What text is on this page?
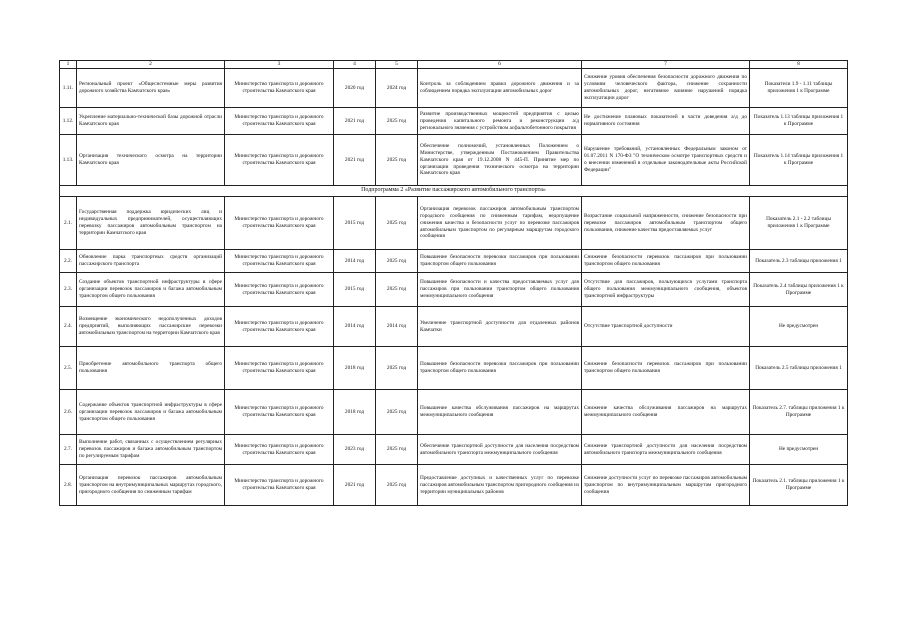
1	2	3	4	5	6	7	8
1.11.	Региональный проект «Общесистемные меры развития дорожного хозяйства Камчатского края»	Министерство транспорта и дорожного строительства Камчатского края	2020 год	2024 год	Контроль за соблюдением правил дорожного движения и за соблюдением порядка эксплуатации автомобильных дорог	Снижение уровня обеспечения безопасности дорожного движения по условиям человеческого фактора, снижение сохранности автомобильных дорог, негативное влияние нарушений порядка эксплуатации дорог	Показатели 1.9 - 1.11 таблицы приложения 1 к Программе
1.12.	Укрепление материально-технической базы дорожной отрасли Камчатского края	Министерство транспорта и дорожного строительства Камчатского края	2021 год	2025 год	Развитие производственных мощностей предприятия с целью проведения капитального ремонта и реконструкции а/д регионального значения с устройством асфальтобетонного покрытия	Не достижение плановых показателей в части доведения а/д до нормативного состояния	Показатель 1.13 таблицы приложения 1 к Программе
1.13.	Организация технического осмотра на территории Камчатского края	Министерство транспорта и дорожного строительства Камчатского края	2021 год	2025 год	Обеспечение полномочий, установленных Положением о Министерстве, утвержденным Постановлением Правительства Камчатского края от 19.12.2008 N 445-П. Принятие мер по организации проведения технического осмотра на территории Камчатского края	Нарушение требований, установленных Федеральным законом от 01.07.2011 N 170-ФЗ "О техническом осмотре транспортных средств и о внесении изменений в отдельные законодательные акты Российской Федерации"	Показатель 1.14 таблицы приложения 1 к Программе
Подпрограмма 2 «Развитие пассажирского автомобильного транспорта»							
2.1.	Государственная поддержка юридических лиц и индивидуальных предпринимателей, осуществляющих перевозку пассажиров автомобильным транспортом на территории Камчатского края	Министерство транспорта и дорожного строительства Камчатского края	2015 год	2025 год	Организация перевозок пассажиров автомобильным транспортом городского сообщения по сниженным тарифам, недопущение снижения качества и безопасности услуг по перевозке пассажиров автомобильным транспортом по регулярным маршрутам городского сообщения	Возрастание социальной напряженности, снижение безопасности при перевозке пассажиров автомобильным транспортом общего пользования, снижение качества предоставляемых услуг	Показатель 2.1 - 2.2 таблицы приложения 1 к Программе
2.2.	Обновление парка транспортных средств организаций пассажирского транспорта	Министерство транспорта и дорожного строительства Камчатского края	2014 год	2025 год	Повышение безопасности перевозки пассажиров при пользовании транспортом общего пользования	Снижение безопасности перевозок пассажиров при пользовании транспортом общего пользования	Показатель 2.3 таблицы приложения 1
2.3.	Создание объектов транспортной инфраструктуры в сфере организации перевозок пассажиров и багажа автомобильным транспортом общего пользования	Министерство транспорта и дорожного строительства Камчатского края	2015 год	2025 год	Повышение безопасности и качества предоставляемых услуг для пассажиров при пользовании транспортом общего пользования межмуниципального сообщения	Отсутствие для пассажиров, пользующихся услугами транспорта общего пользования межмуниципального сообщения, объектов транспортной инфраструктуры	Показатель 2.4 таблицы приложения 1 к Программе
2.4.	Возмещение экономического недополученных доходов предприятий, выполняющих пассажирские перевозки автомобильным транспортом на территории Камчатского края	Министерство транспорта и дорожного строительства Камчатского края	2014 год	2014 год	Увеличение транспортной доступности для отдаленных районов Камчатки	Отсутствие транспортной доступности	Не предусмотрен
2.5.	Приобретение автомобильного транспорта общего пользования	Министерство транспорта и дорожного строительства Камчатского края	2018 год	2025 год	Повышение безопасности перевозки пассажиров при пользовании транспортом общего пользования	Снижение безопасности перевозок пассажиров при пользовании транспортом общего пользования	Показатель 2.5 таблицы приложения 1
2.6.	Содержание объектов транспортной инфраструктуры в сфере организации перевозок пассажиров и багажа автомобильным транспортом общего пользования	Министерство транспорта и дорожного строительства Камчатского края	2018 год	2025 год	Повышение качества обслуживания пассажиров на маршрутах межмуниципального сообщения	Снижение качества обслуживания пассажиров на маршрутах межмуниципального сообщения	Показатель 2.7. таблицы приложения 1 к Программе
2.7.	Выполнение работ, связанных с осуществлением регулярных перевозок пассажиров и багажа автомобильным транспортом по регулируемым тарифам	Министерство транспорта и дорожного строительства Камчатского края	2023 год	2025 год	Обеспечение транспортной доступности для населения посредством автомобильного транспорта межмуниципального сообщения	Снижение транспортной доступности для населения посредством автомобильного транспорта межмуниципального сообщения	Не предусмотрен
2.8.	Организация перевозок пассажиров автомобильным транспортом на внутримуниципальных маршрутах городского, пригородного сообщения по сниженным тарифам	Министерство транспорта и дорожного строительства Камчатского края	2021 год	2025 год	Предоставление доступных и качественных услуг по перевозке пассажиров автомобильным транспортом пригородного сообщения из территории муниципальных районов	Снижение доступности услуг по перевозке пассажиров автомобильным транспортом по внутримуниципальным маршрутам пригородного сообщения	Показатель 2.1. таблицы приложения 1 к Программе
